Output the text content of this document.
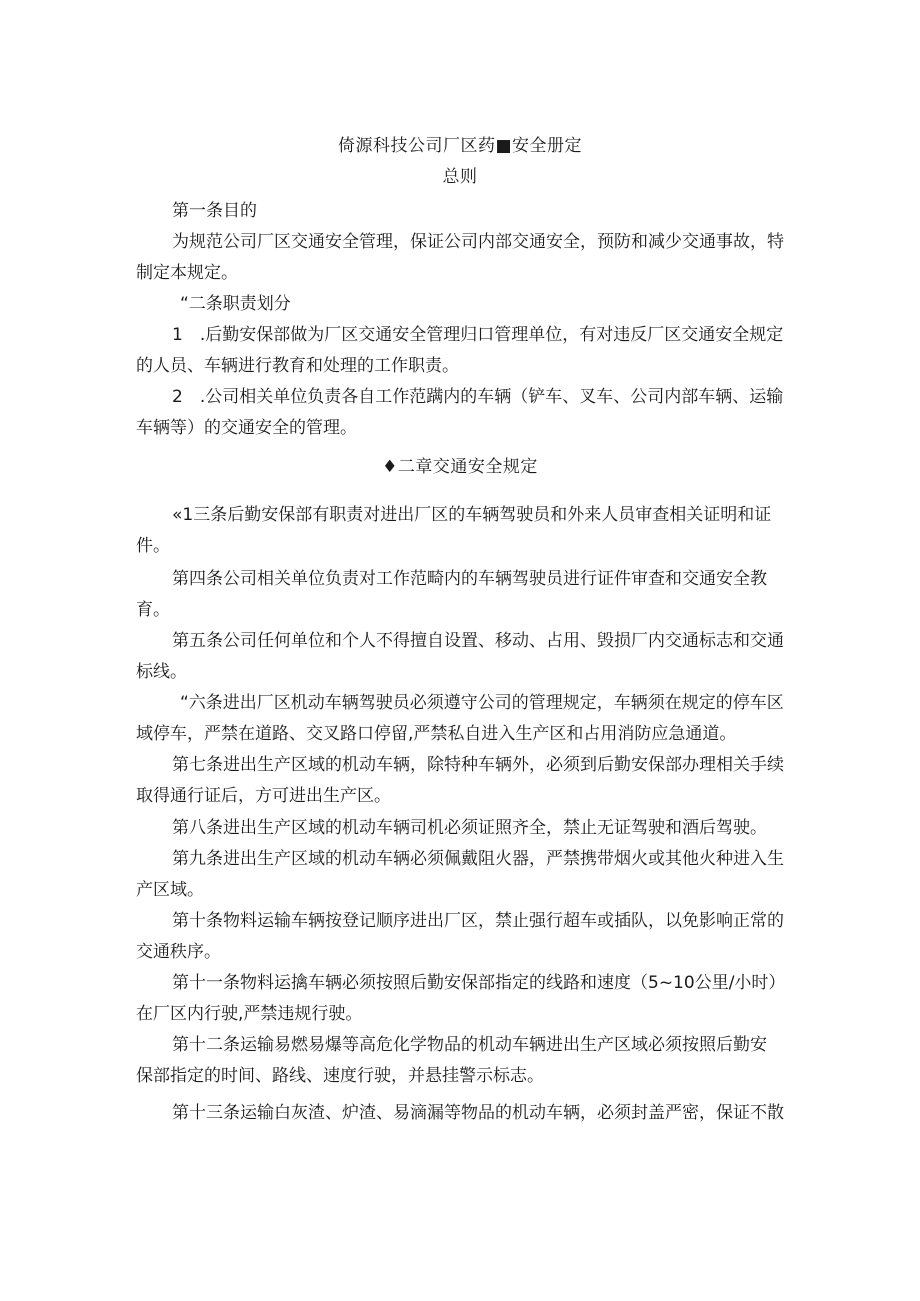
倚源科技公司厂区药■安全册定
总则
第一条目的
为规范公司厂区交通安全管理，保证公司内部交通安全，预防和减少交通事故，特
制定本规定。
“二条职责划分
1　.后勤安保部做为厂区交通安全管理归口管理单位，有对违反厂区交通安全规定
的人员、车辆进行教育和处理的工作职责。
2　.公司相关单位负责各自工作范蹒内的车辆（铲车、叉车、公司内部车辆、运输
车辆等）的交通安全的管理。
♦二章交通安全规定
«1三条后勤安保部有职责对进出厂区的车辆驾驶员和外来人员审查相关证明和证
件。
第四条公司相关单位负责对工作范畸内的车辆驾驶员进行证件审查和交通安全教
育。
第五条公司任何单位和个人不得擅自设置、移动、占用、毁损厂内交通标志和交通
标线。
“六条进出厂区机动车辆驾驶员必须遵守公司的管理规定，车辆须在规定的停车区
域停车，严禁在道路、交叉路口停留,严禁私自进入生产区和占用消防应急通道。
第七条进出生产区域的机动车辆，除特种车辆外，必须到后勤安保部办理相关手续
取得通行证后，方可进出生产区。
第八条进出生产区域的机动车辆司机必须证照齐全，禁止无证驾驶和酒后驾驶。
第九条进出生产区域的机动车辆必须佩戴阻火器，严禁携带烟火或其他火种进入生
产区域。
第十条物料运输车辆按登记顺序进出厂区，禁止强行超车或插队，以免影响正常的
交通秩序。
第十一条物料运擒车辆必须按照后勤安保部指定的线路和速度（5~10公里/小时）
在厂区内行驶,严禁违规行驶。
第十二条运输易燃易爆等高危化学物品的机动车辆进出生产区域必须按照后勤安
保部指定的时间、路线、速度行驶，并悬挂警示标志。
第十三条运输白灰渣、炉渣、易滴漏等物品的机动车辆，必须封盖严密，保证不散
